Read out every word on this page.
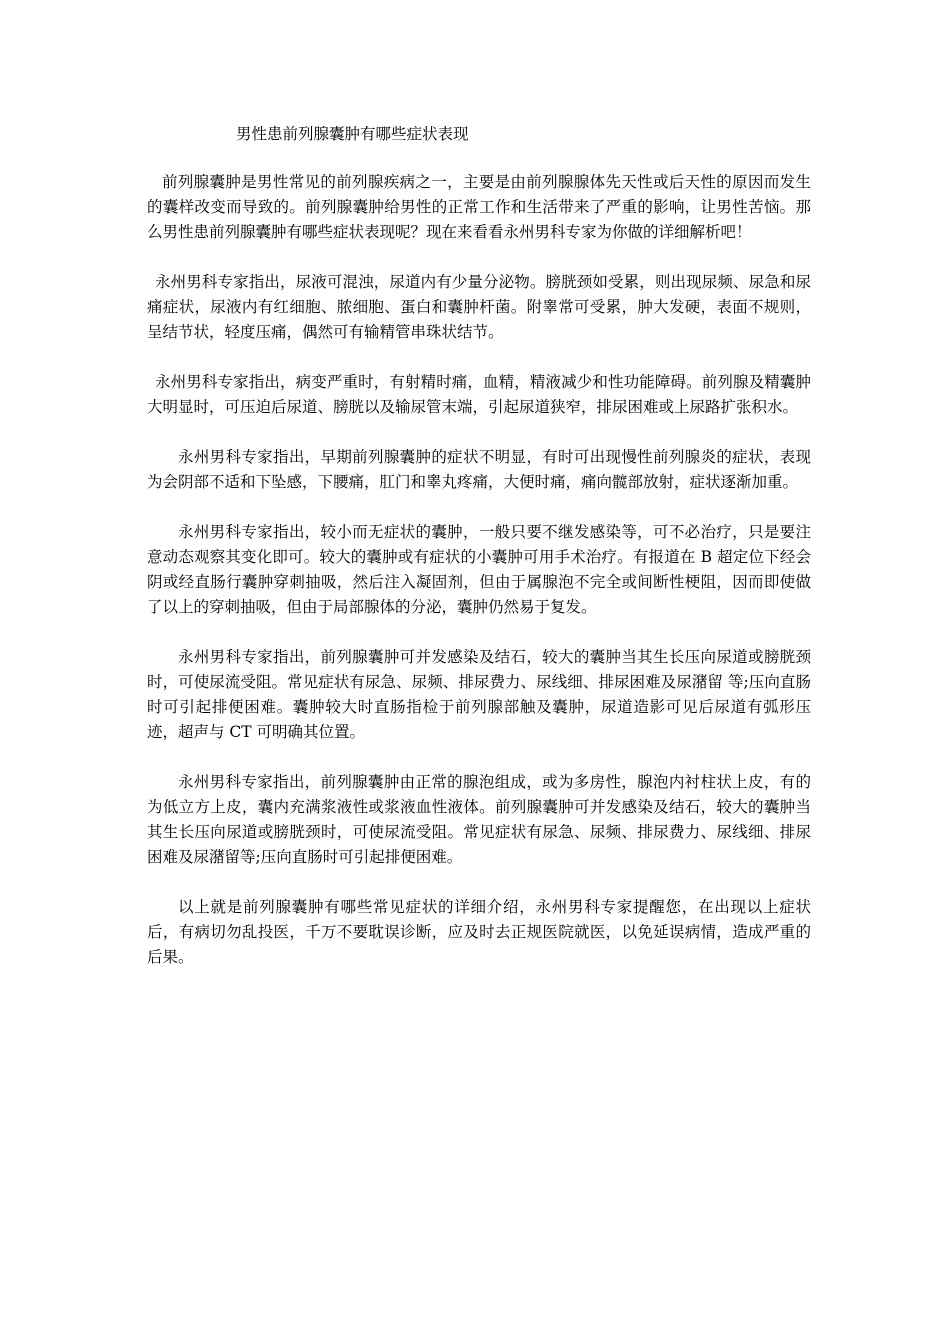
男性患前列腺囊肿有哪些症状表现

前列腺囊肿是男性常见的前列腺疾病之一，主要是由前列腺腺体先天性或后天性的原因而发生的囊样改变而导致的。前列腺囊肿给男性的正常工作和生活带来了严重的影响，让男性苦恼。那么男性患前列腺囊肿有哪些症状表现呢？现在来看看永州男科专家为你做的详细解析吧！

永州男科专家指出，尿液可混浊，尿道内有少量分泌物。膀胱颈如受累，则出现尿频、尿急和尿痛症状，尿液内有红细胞、脓细胞、蛋白和囊肿杆菌。附睾常可受累，肿大发硬，表面不规则，呈结节状，轻度压痛，偶然可有输精管串珠状结节。

永州男科专家指出，病变严重时，有射精时痛，血精，精液减少和性功能障碍。前列腺及精囊肿大明显时，可压迫后尿道、膀胱以及输尿管末端，引起尿道狭窄，排尿困难或上尿路扩张积水。

永州男科专家指出，早期前列腺囊肿的症状不明显，有时可出现慢性前列腺炎的症状，表现为会阴部不适和下坠感，下腰痛，肛门和睾丸疼痛，大便时痛，痛向髋部放射，症状逐渐加重。

永州男科专家指出，较小而无症状的囊肿，一般只要不继发感染等，可不必治疗，只是要注意动态观察其变化即可。较大的囊肿或有症状的小囊肿可用手术治疗。有报道在 B 超定位下经会阴或经直肠行囊肿穿刺抽吸，然后注入凝固剂，但由于属腺泡不完全或间断性梗阻，因而即使做了以上的穿刺抽吸，但由于局部腺体的分泌，囊肿仍然易于复发。

永州男科专家指出，前列腺囊肿可并发感染及结石，较大的囊肿当其生长压向尿道或膀胱颈时，可使尿流受阻。常见症状有尿急、尿频、排尿费力、尿线细、排尿困难及尿潴留 等;压向直肠时可引起排便困难。囊肿较大时直肠指检于前列腺部触及囊肿，尿道造影可见后尿道有弧形压迹，超声与 CT 可明确其位置。

永州男科专家指出，前列腺囊肿由正常的腺泡组成，或为多房性，腺泡内衬柱状上皮，有的为低立方上皮，囊内充满浆液性或浆液血性液体。前列腺囊肿可并发感染及结石，较大的囊肿当其生长压向尿道或膀胱颈时，可使尿流受阻。常见症状有尿急、尿频、排尿费力、尿线细、排尿困难及尿潴留等;压向直肠时可引起排便困难。

以上就是前列腺囊肿有哪些常见症状的详细介绍，永州男科专家提醒您，在出现以上症状后，有病切勿乱投医，千万不要耽误诊断，应及时去正规医院就医，以免延误病情，造成严重的后果。
